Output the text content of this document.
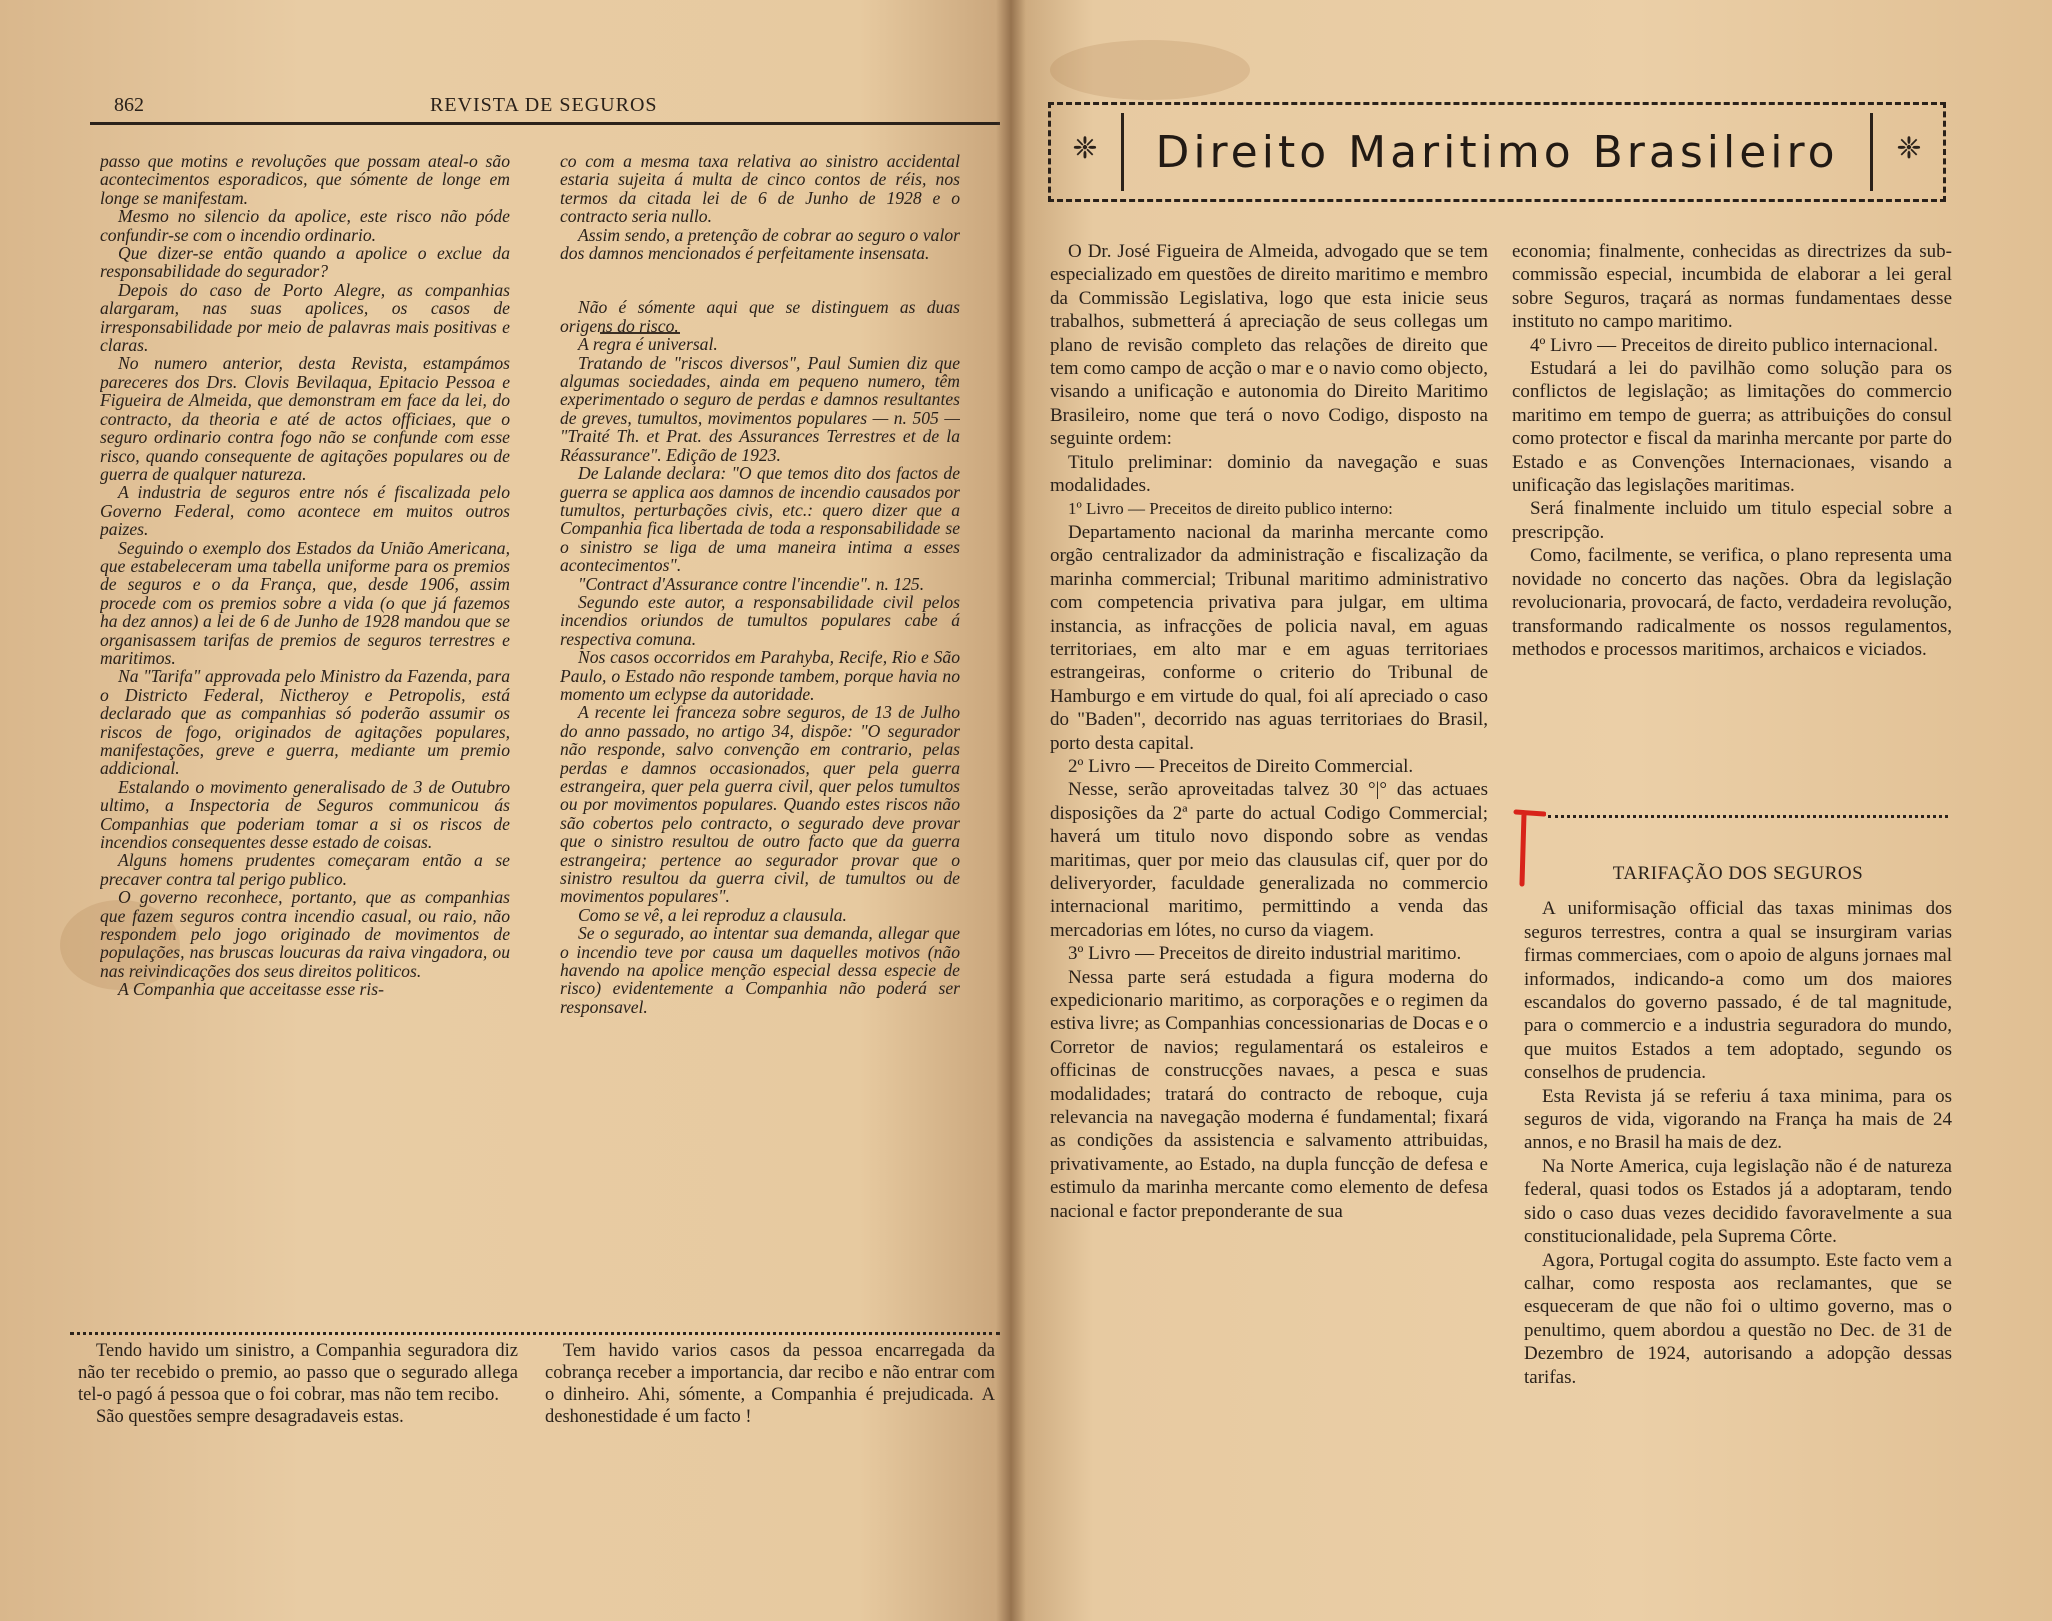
862	REVISTA DE SEGUROS

passo que motins e revoluções que possam ateal-o são acontecimentos esporadicos, que sómente de longe em longe se manifestam.

Mesmo no silencio da apolice, este risco não póde confundir-se com o incendio ordinario.

Que dizer-se então quando a apolice o exclue da responsabilidade do segurador?

Depois do caso de Porto Alegre, as companhias alargaram, nas suas apolices, os casos de irresponsabilidade por meio de palavras mais positivas e claras.

No numero anterior, desta Revista, estampámos pareceres dos Drs. Clovis Bevilaqua, Epitacio Pessoa e Figueira de Almeida, que demonstram em face da lei, do contracto, da theoria e até de actos officiaes, que o seguro ordinario contra fogo não se confunde com esse risco, quando consequente de agitações populares ou de guerra de qualquer natureza.

A industria de seguros entre nós é fiscalizada pelo Governo Federal, como acontece em muitos outros paizes.

Seguindo o exemplo dos Estados da União Americana, que estabeleceram uma tabella uniforme para os premios de seguros e o da França, que, desde 1906, assim procede com os premios sobre a vida (o que já fazemos ha dez annos) a lei de 6 de Junho de 1928 mandou que se organisassem tarifas de premios de seguros terrestres e maritimos.

Na "Tarifa" approvada pelo Ministro da Fazenda, para o Districto Federal, Nictheroy e Petropolis, está declarado que as companhias só poderão assumir os riscos de fogo, originados de agitações populares, manifestações, greve e guerra, mediante um premio addicional.

Estalando o movimento generalisado de 3 de Outubro ultimo, a Inspectoria de Seguros communicou ás Companhias que poderiam tomar a si os riscos de incendios consequentes desse estado de coisas.

Alguns homens prudentes começaram então a se precaver contra tal perigo publico.

O governo reconhece, portanto, que as companhias que fazem seguros contra incendio casual, ou raio, não respondem pelo jogo originado de movimentos de populações, nas bruscas loucuras da raiva vingadora, ou nas reivindicações dos seus direitos politicos.

A Companhia que acceitasse esse ris-

co com a mesma taxa relativa ao sinistro accidental estaria sujeita á multa de cinco contos de réis, nos termos da citada lei de 6 de Junho de 1928 e o contracto seria nullo.

Assim sendo, a pretenção de cobrar ao seguro o valor dos damnos mencionados é perfeitamente insensata.

Não é sómente aqui que se distinguem as duas origens do risco.

A regra é universal.

Tratando de "riscos diversos", Paul Sumien diz que algumas sociedades, ainda em pequeno numero, têm experimentado o seguro de perdas e damnos resultantes de greves, tumultos, movimentos populares — n. 505 — "Traité Th. et Prat. des Assurances Terrestres et de la Réassurance". Edição de 1923.

De Lalande declara: "O que temos dito dos factos de guerra se applica aos damnos de incendio causados por tumultos, perturbações civis, etc.: quero dizer que a Companhia fica libertada de toda a responsabilidade se o sinistro se liga de uma maneira intima a esses acontecimentos".

"Contract d'Assurance contre l'incendie". n. 125.

Segundo este autor, a responsabilidade civil pelos incendios oriundos de tumultos populares cabe á respectiva comuna.

Nos casos occorridos em Parahyba, Recife, Rio e São Paulo, o Estado não responde tambem, porque havia no momento um eclypse da autoridade.

A recente lei franceza sobre seguros, de 13 de Julho do anno passado, no artigo 34, dispõe: "O segurador não responde, salvo convenção em contrario, pelas perdas e damnos occasionados, quer pela guerra estrangeira, quer pela guerra civil, quer pelos tumultos ou por movimentos populares. Quando estes riscos não são cobertos pelo contracto, o segurado deve provar que o sinistro resultou de outro facto que da guerra estrangeira; pertence ao segurador provar que o sinistro resultou da guerra civil, de tumultos ou de movimentos populares".

Como se vê, a lei reproduz a clausula.

Se o segurado, ao intentar sua demanda, allegar que o incendio teve por causa um daquelles motivos (não havendo na apolice menção especial dessa especie de risco) evidentemente a Companhia não poderá ser responsavel.

Tendo havido um sinistro, a Companhia seguradora diz não ter recebido o premio, ao passo que o segurado allega tel-o pagó á pessoa que o foi cobrar, mas não tem recibo.

São questões sempre desagradaveis estas.

Tem havido varios casos da pessoa encarregada da cobrança receber a importancia, dar recibo e não entrar com o dinheiro. Ahi, sómente, a Companhia é prejudicada. A deshonestidade é um facto !

❈ Direito Maritimo Brasileiro ❈

O Dr. José Figueira de Almeida, advogado que se tem especializado em questões de direito maritimo e membro da Commissão Legislativa, logo que esta inicie seus trabalhos, submetterá á apreciação de seus collegas um plano de revisão completo das relações de direito que tem como campo de acção o mar e o navio como objecto, visando a unificação e autonomia do Direito Maritimo Brasileiro, nome que terá o novo Codigo, disposto na seguinte ordem:

Titulo preliminar: dominio da navegação e suas modalidades.

1º Livro — Preceitos de direito publico interno:

Departamento nacional da marinha mercante como orgão centralizador da administração e fiscalização da marinha commercial; Tribunal maritimo administrativo com competencia privativa para julgar, em ultima instancia, as infracções de policia naval, em aguas territoriaes, em alto mar e em aguas territoriaes estrangeiras, conforme o criterio do Tribunal de Hamburgo e em virtude do qual, foi alí apreciado o caso do "Baden", decorrido nas aguas territoriaes do Brasil, porto desta capital.

2º Livro — Preceitos de Direito Commercial.

Nesse, serão aproveitadas talvez 30 °|° das actuaes disposições da 2ª parte do actual Codigo Commercial; haverá um titulo novo dispondo sobre as vendas maritimas, quer por meio das clausulas cif, quer por do deliveryorder, faculdade generalizada no commercio internacional maritimo, permittindo a venda das mercadorias em lótes, no curso da viagem.

3º Livro — Preceitos de direito industrial maritimo.

Nessa parte será estudada a figura moderna do expedicionario maritimo, as corporações e o regimen da estiva livre; as Companhias concessionarias de Docas e o Corretor de navios; regulamentará os estaleiros e officinas de construcções navaes, a pesca e suas modalidades; tratará do contracto de reboque, cuja relevancia na navegação moderna é fundamental; fixará as condições da assistencia e salvamento attribuidas, privativamente, ao Estado, na dupla funcção de defesa e estimulo da marinha mercante como elemento de defesa nacional e factor preponderante de sua

economia; finalmente, conhecidas as directrizes da sub-commissão especial, incumbida de elaborar a lei geral sobre Seguros, traçará as normas fundamentaes desse instituto no campo maritimo.

4º Livro — Preceitos de direito publico internacional.

Estudará a lei do pavilhão como solução para os conflictos de legislação; as limitações do commercio maritimo em tempo de guerra; as attribuições do consul como protector e fiscal da marinha mercante por parte do Estado e as Convenções Internacionaes, visando a unificação das legislações maritimas.

Será finalmente incluido um titulo especial sobre a prescripção.

Como, facilmente, se verifica, o plano representa uma novidade no concerto das nações. Obra da legislação revolucionaria, provocará, de facto, verdadeira revolução, transformando radicalmente os nossos regulamentos, methodos e processos maritimos, archaicos e viciados.

TARIFAÇÃO DOS SEGUROS

A uniformisação official das taxas minimas dos seguros terrestres, contra a qual se insurgiram varias firmas commerciaes, com o apoio de alguns jornaes mal informados, indicando-a como um dos maiores escandalos do governo passado, é de tal magnitude, para o commercio e a industria seguradora do mundo, que muitos Estados a tem adoptado, segundo os conselhos de prudencia.

Esta Revista já se referiu á taxa minima, para os seguros de vida, vigorando na França ha mais de 24 annos, e no Brasil ha mais de dez.

Na Norte America, cuja legislação não é de natureza federal, quasi todos os Estados já a adoptaram, tendo sido o caso duas vezes decidido favoravelmente a sua constitucionalidade, pela Suprema Côrte.

Agora, Portugal cogita do assumpto. Este facto vem a calhar, como resposta aos reclamantes, que se esqueceram de que não foi o ultimo governo, mas o penultimo, quem abordou a questão no Dec. de 31 de Dezembro de 1924, autorisando a adopção dessas tarifas.
